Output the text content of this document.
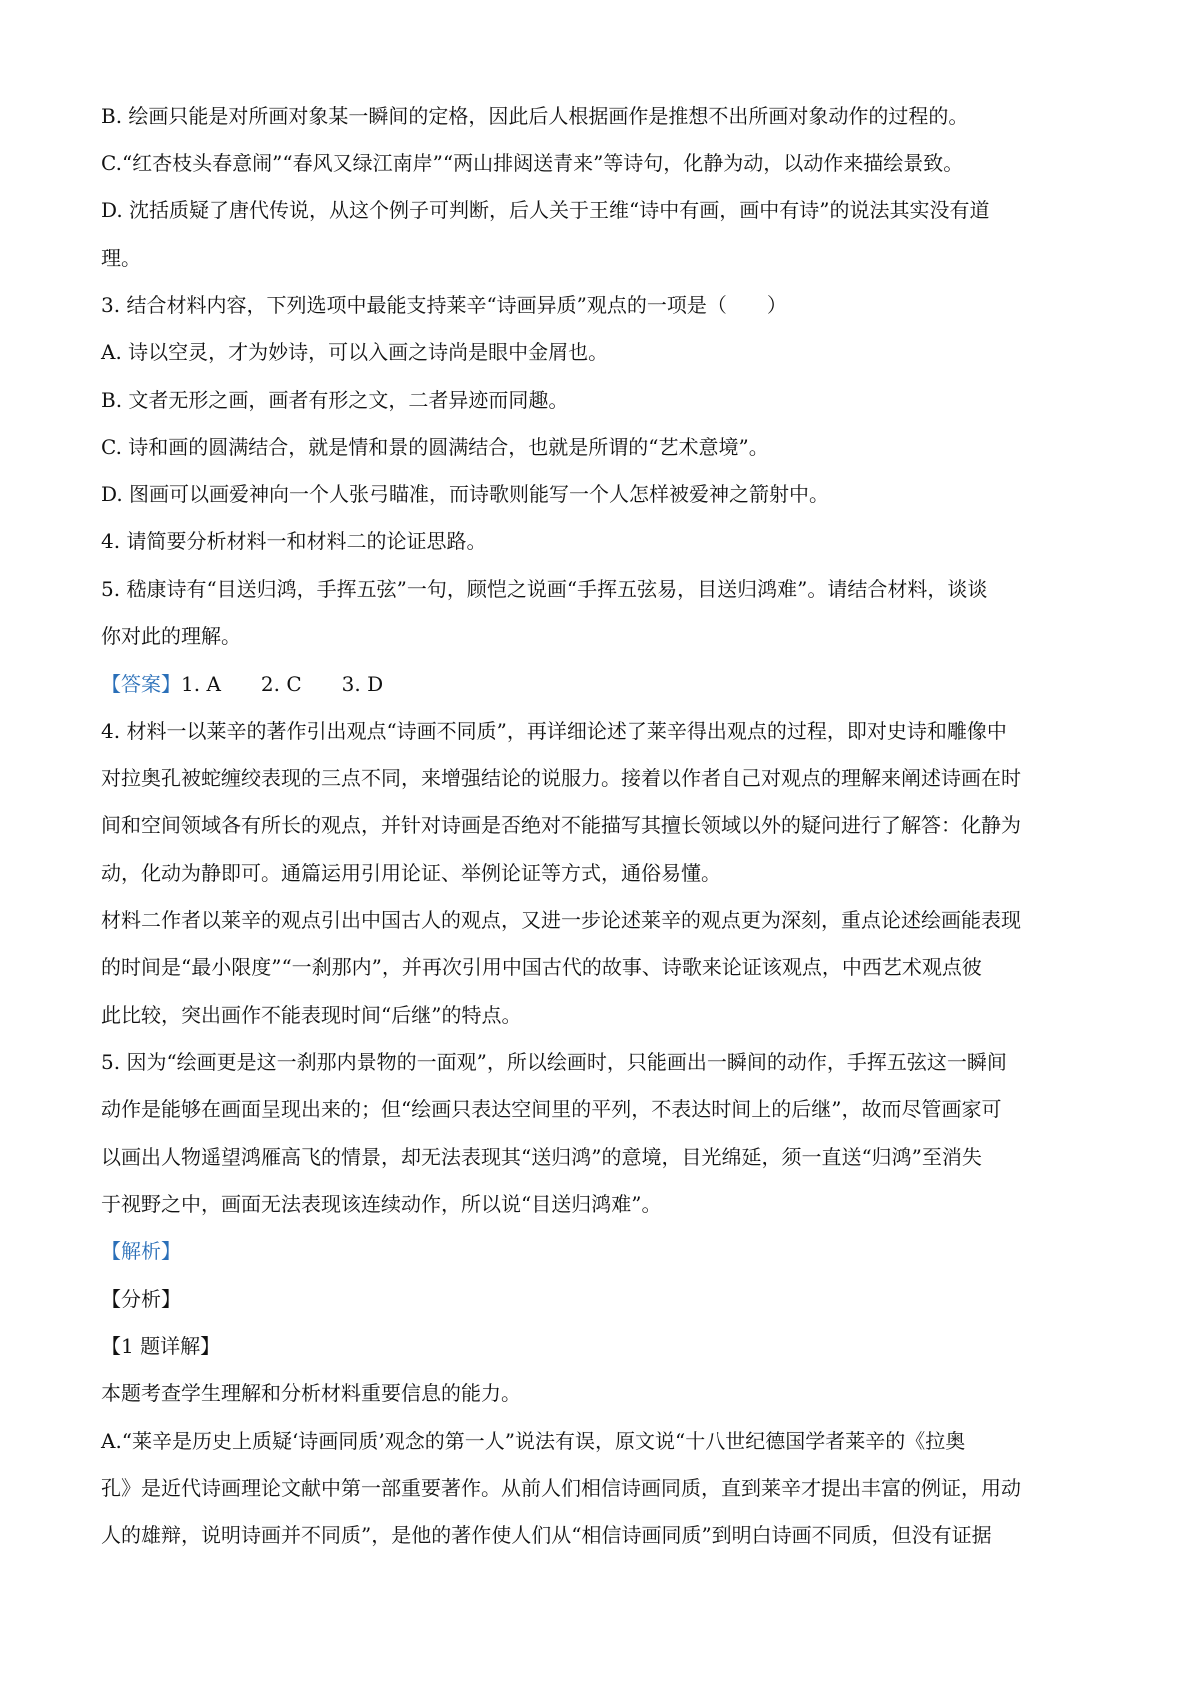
B. 绘画只能是对所画对象某一瞬间的定格，因此后人根据画作是推想不出所画对象动作的过程的。
C.“红杏枝头春意闹”“春风又绿江南岸”“两山排闼送青来”等诗句，化静为动，以动作来描绘景致。
D. 沈括质疑了唐代传说，从这个例子可判断，后人关于王维“诗中有画，画中有诗”的说法其实没有道
理。
3. 结合材料内容，下列选项中最能支持莱辛“诗画异质”观点的一项是（　　）
A. 诗以空灵，才为妙诗，可以入画之诗尚是眼中金屑也。
B. 文者无形之画，画者有形之文，二者异迹而同趣。
C. 诗和画的圆满结合，就是情和景的圆满结合，也就是所谓的“艺术意境”。
D. 图画可以画爱神向一个人张弓瞄准，而诗歌则能写一个人怎样被爱神之箭射中。
4. 请简要分析材料一和材料二的论证思路。
5. 嵇康诗有“目送归鸿，手挥五弦”一句，顾恺之说画“手挥五弦易，目送归鸿难”。请结合材料，谈谈
你对此的理解。
【答案】1. A 2. C 3. D
4. 材料一以莱辛的著作引出观点“诗画不同质”，再详细论述了莱辛得出观点的过程，即对史诗和雕像中
对拉奥孔被蛇缠绞表现的三点不同，来增强结论的说服力。接着以作者自己对观点的理解来阐述诗画在时
间和空间领域各有所长的观点，并针对诗画是否绝对不能描写其擅长领域以外的疑问进行了解答：化静为
动，化动为静即可。通篇运用引用论证、举例论证等方式，通俗易懂。
材料二作者以莱辛的观点引出中国古人的观点，又进一步论述莱辛的观点更为深刻，重点论述绘画能表现
的时间是“最小限度”“一刹那内”，并再次引用中国古代的故事、诗歌来论证该观点，中西艺术观点彼
此比较，突出画作不能表现时间“后继”的特点。
5. 因为“绘画更是这一刹那内景物的一面观”，所以绘画时，只能画出一瞬间的动作，手挥五弦这一瞬间
动作是能够在画面呈现出来的；但“绘画只表达空间里的平列，不表达时间上的后继”，故而尽管画家可
以画出人物遥望鸿雁高飞的情景，却无法表现其“送归鸿”的意境，目光绵延，须一直送“归鸿”至消失
于视野之中，画面无法表现该连续动作，所以说“目送归鸿难”。
【解析】
【分析】
【1 题详解】
本题考查学生理解和分析材料重要信息的能力。
A.“莱辛是历史上质疑‘诗画同质’观念的第一人”说法有误，原文说“十八世纪德国学者莱辛的《拉奥
孔》是近代诗画理论文献中第一部重要著作。从前人们相信诗画同质，直到莱辛才提出丰富的例证，用动
人的雄辩，说明诗画并不同质”，是他的著作使人们从“相信诗画同质”到明白诗画不同质，但没有证据
